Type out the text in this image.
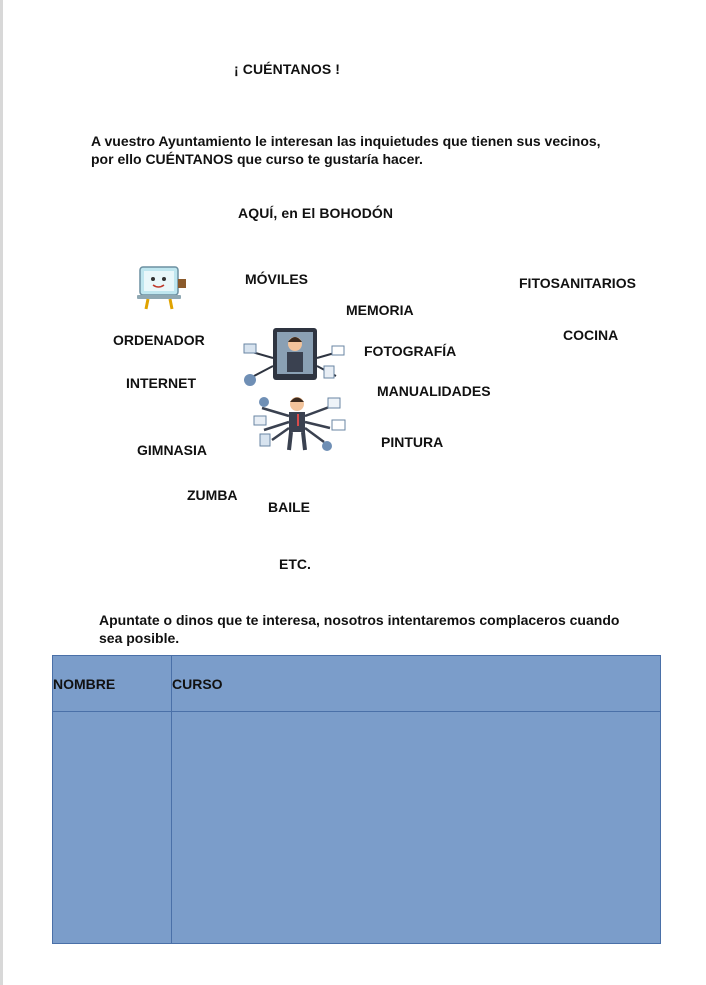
¡ CUÉNTANOS !
A vuestro Ayuntamiento le interesan las inquietudes que tienen sus vecinos,
por ello CUÉNTANOS que curso te gustaría hacer.
AQUÍ, en El BOHODÓN
MÓVILES	FITOSANITARIOS
MEMORIA
ORDENADOR	COCINA
FOTOGRAFÍA
INTERNET	MANUALIDADES
GIMNASIA	PINTURA
ZUMBA
BAILE
ETC.
Apuntate o dinos que te interesa, nosotros intentaremos complaceros cuando
sea posible.
NOMBRE	CURSO
